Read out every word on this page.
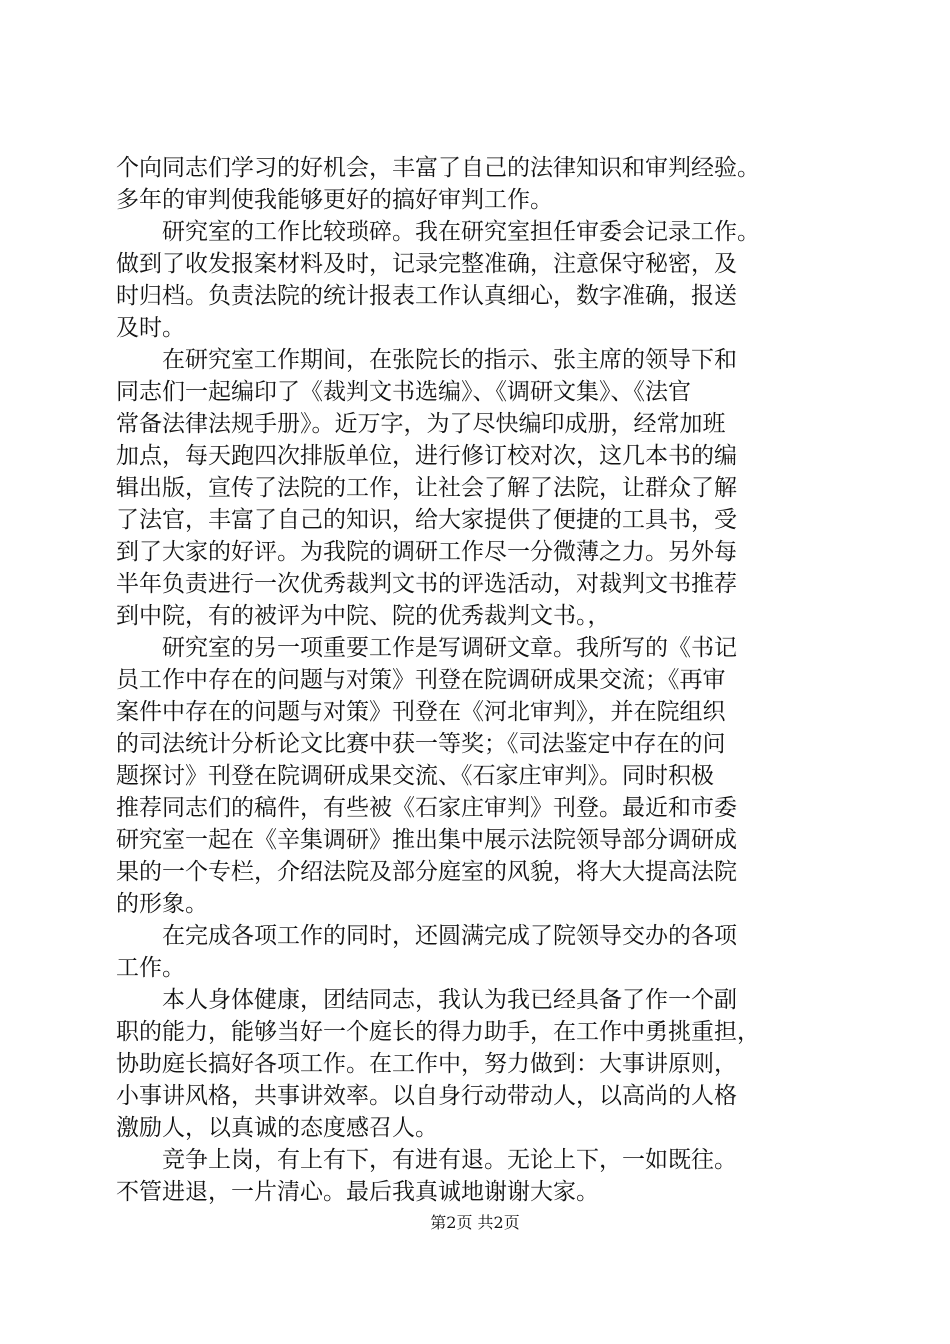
个向同志们学习的好机会，丰富了自己的法律知识和审判经验。
多年的审判使我能够更好的搞好审判工作。
　　研究室的工作比较琐碎。我在研究室担任审委会记录工作。
做到了收发报案材料及时，记录完整准确，注意保守秘密，及
时归档。负责法院的统计报表工作认真细心，数字准确，报送
及时。
　　在研究室工作期间，在张院长的指示、张主席的领导下和
同志们一起编印了《裁判文书选编》、《调研文集》、《法官
常备法律法规手册》。近万字，为了尽快编印成册，经常加班
加点，每天跑四次排版单位，进行修订校对次，这几本书的编
辑出版，宣传了法院的工作，让社会了解了法院，让群众了解
了法官，丰富了自己的知识，给大家提供了便捷的工具书，受
到了大家的好评。为我院的调研工作尽一分微薄之力。另外每
半年负责进行一次优秀裁判文书的评选活动，对裁判文书推荐
到中院，有的被评为中院、院的优秀裁判文书。，
　　研究室的另一项重要工作是写调研文章。我所写的《书记
员工作中存在的问题与对策》刊登在院调研成果交流；《再审
案件中存在的问题与对策》刊登在《河北审判》，并在院组织
的司法统计分析论文比赛中获一等奖；《司法鉴定中存在的问
题探讨》刊登在院调研成果交流、《石家庄审判》。同时积极
推荐同志们的稿件，有些被《石家庄审判》刊登。最近和市委
研究室一起在《辛集调研》推出集中展示法院领导部分调研成
果的一个专栏，介绍法院及部分庭室的风貌，将大大提高法院
的形象。
　　在完成各项工作的同时，还圆满完成了院领导交办的各项
工作。
　　本人身体健康，团结同志，我认为我已经具备了作一个副
职的能力，能够当好一个庭长的得力助手，在工作中勇挑重担，
协助庭长搞好各项工作。在工作中，努力做到：大事讲原则，
小事讲风格，共事讲效率。以自身行动带动人，以高尚的人格
激励人，以真诚的态度感召人。
　　竞争上岗，有上有下，有进有退。无论上下，一如既往。
不管进退，一片清心。最后我真诚地谢谢大家。
第2页 共2页
